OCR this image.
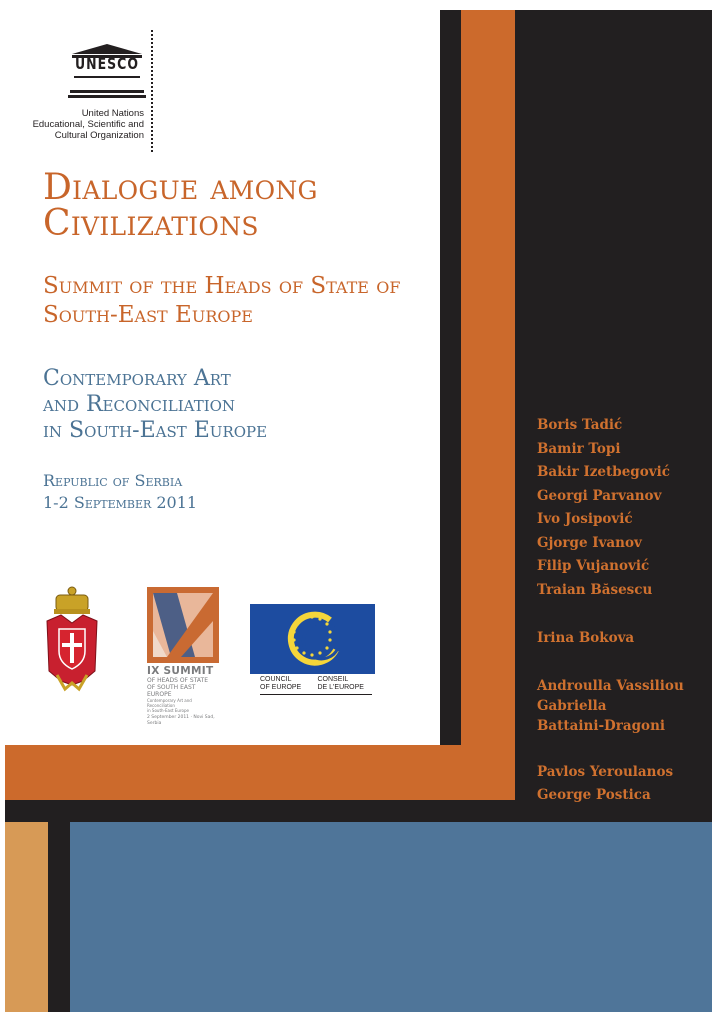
UNESCO
United Nations
Educational, Scientific and
Cultural Organization
Dialogue among
Civilizations
Summit of the Heads of State of
South-East Europe
Contemporary Art
and Reconciliation
in South-East Europe
Republic of Serbia
1-2 September 2011
IX SUMMIT
OF HEADS OF STATE
OF SOUTH EAST EUROPE
Contemporary Art and Reconciliation
in South-East Europe
2 September 2011 · Novi Sad, Serbia
COUNCIL
OF EUROPE
CONSEIL
DE L'EUROPE
Boris Tadić
Bamir Topi
Bakir Izetbegović
Georgi Parvanov
Ivo Josipović
Gjorge Ivanov
Filip Vujanović
Traian Băsescu
Irina Bokova
Androulla Vassiliou
Gabriella
Battaini-Dragoni
Pavlos Yeroulanos
George Postica
